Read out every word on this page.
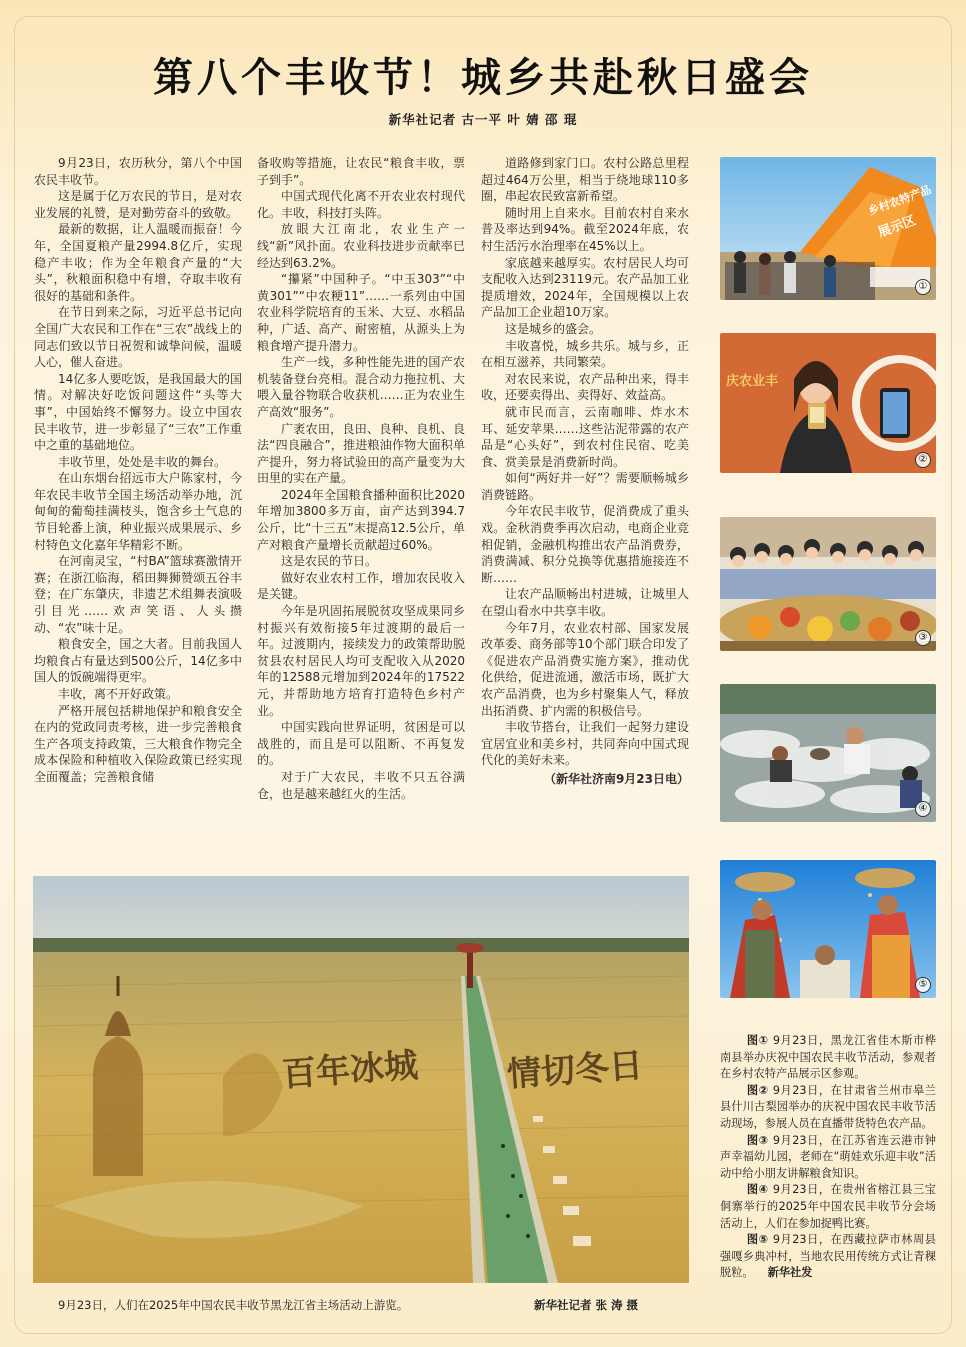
第八个丰收节！城乡共赴秋日盛会
新华社记者 古一平 叶 婧 邵 琨

9月23日，农历秋分，第八个中国农民丰收节。

这是属于亿万农民的节日，是对农业发展的礼赞，是对勤劳奋斗的致敬。

最新的数据，让人温暖而振奋！今年，全国夏粮产量2994.8亿斤，实现稳产丰收；作为全年粮食产量的“大头”，秋粮面积稳中有增，夺取丰收有很好的基础和条件。

在节日到来之际，习近平总书记向全国广大农民和工作在“三农”战线上的同志们致以节日祝贺和诚挚问候，温暖人心，催人奋进。

14亿多人要吃饭，是我国最大的国情。对解决好吃饭问题这件“头等大事”，中国始终不懈努力。设立中国农民丰收节，进一步彰显了“三农”工作重中之重的基础地位。

丰收节里，处处是丰收的舞台。

在山东烟台招远市大户陈家村，今年农民丰收节全国主场活动举办地，沉甸甸的葡萄挂满枝头，饱含乡土气息的节目轮番上演，种业振兴成果展示、乡村特色文化嘉年华精彩不断。

在河南灵宝，“村BA”篮球赛激情开赛；在浙江临海，稻田舞狮赞颂五谷丰登；在广东肇庆，非遗艺术组舞表演吸引目光……欢声笑语、人头攒动、“农”味十足。

粮食安全，国之大者。目前我国人均粮食占有量达到500公斤，14亿多中国人的饭碗端得更牢。

丰收，离不开好政策。

严格开展包括耕地保护和粮食安全在内的党政同责考核，进一步完善粮食生产各项支持政策，三大粮食作物完全成本保险和种植收入保险政策已经实现全面覆盖；完善粮食储

备收购等措施，让农民“粮食丰收，票子到手”。

中国式现代化离不开农业农村现代化。丰收，科技打头阵。

放眼大江南北，农业生产一线“新”风扑面。农业科技进步贡献率已经达到63.2%。

“攥紧”中国种子。“中玉303”“中黄301”“中农粳11”……一系列由中国农业科学院培育的玉米、大豆、水稻品种，广适、高产、耐密植，从源头上为粮食增产提升潜力。

生产一线，多种性能先进的国产农机装备登台亮相。混合动力拖拉机、大喂入量谷物联合收获机……正为农业生产高效“服务”。

广袤农田，良田、良种、良机、良法“四良融合”，推进粮油作物大面积单产提升，努力将试验田的高产量变为大田里的实在产量。

2024年全国粮食播种面积比2020年增加3800多万亩，亩产达到394.7公斤，比“十三五”末提高12.5公斤，单产对粮食产量增长贡献超过60%。

这是农民的节日。

做好农业农村工作，增加农民收入是关键。

今年是巩固拓展脱贫攻坚成果同乡村振兴有效衔接5年过渡期的最后一年。过渡期内，接续发力的政策帮助脱贫县农村居民人均可支配收入从2020年的12588元增加到2024年的17522元，并帮助地方培育打造特色乡村产业。

中国实践向世界证明，贫困是可以战胜的，而且是可以阻断、不再复发的。

对于广大农民，丰收不只五谷满仓，也是越来越红火的生活。

道路修到家门口。农村公路总里程超过464万公里，相当于绕地球110多圈，串起农民致富新希望。

随时用上自来水。目前农村自来水普及率达到94%。截至2024年底，农村生活污水治理率在45%以上。

家底越来越厚实。农村居民人均可支配收入达到23119元。农产品加工业提质增效，2024年，全国规模以上农产品加工企业超10万家。

这是城乡的盛会。

丰收喜悦，城乡共乐。城与乡，正在相互滋养，共同繁荣。

对农民来说，农产品种出来，得丰收，还要卖得出、卖得好、效益高。

就市民而言，云南咖啡、炸水木耳、延安苹果……这些沾泥带露的农产品是“心头好”，到农村住民宿、吃美食、赏美景是消费新时尚。

如何“两好并一好”？需要顺畅城乡消费链路。

今年农民丰收节，促消费成了重头戏。金秋消费季再次启动，电商企业竞相促销，金融机构推出农产品消费券，消费满减、积分兑换等优惠措施接连不断……

让农产品顺畅出村进城，让城里人在望山看水中共享丰收。

今年7月，农业农村部、国家发展改革委、商务部等10个部门联合印发了《促进农产品消费实施方案》，推动优化供给，促进流通，激活市场，既扩大农产品消费，也为乡村聚集人气，释放出拓消费、扩内需的积极信号。

丰收节搭台，让我们一起努力建设宜居宜业和美乡村，共同奔向中国式现代化的美好未来。

（新华社济南9月23日电）
乡村农特产品
展示区
①
庆农业丰
②
③
④
⑤
百年冰城	情切冬日
9月23日，人们在2025年中国农民丰收节黑龙江省主场活动上游览。	新华社记者 张 涛 摄

图① 9月23日，黑龙江省佳木斯市桦南县举办庆祝中国农民丰收节活动，参观者在乡村农特产品展示区参观。

图② 9月23日，在甘肃省兰州市皋兰县什川古梨园举办的庆祝中国农民丰收节活动现场，参展人员在直播带货特色农产品。

图③ 9月23日，在江苏省连云港市钟声幸福幼儿园，老师在“萌娃欢乐迎丰收”活动中给小朋友讲解粮食知识。

图④ 9月23日，在贵州省榕江县三宝侗寨举行的2025年中国农民丰收节分会场活动上，人们在参加捉鸭比赛。

图⑤ 9月23日，在西藏拉萨市林周县强嘎乡典冲村，当地农民用传统方式让青稞脱粒。 新华社发
